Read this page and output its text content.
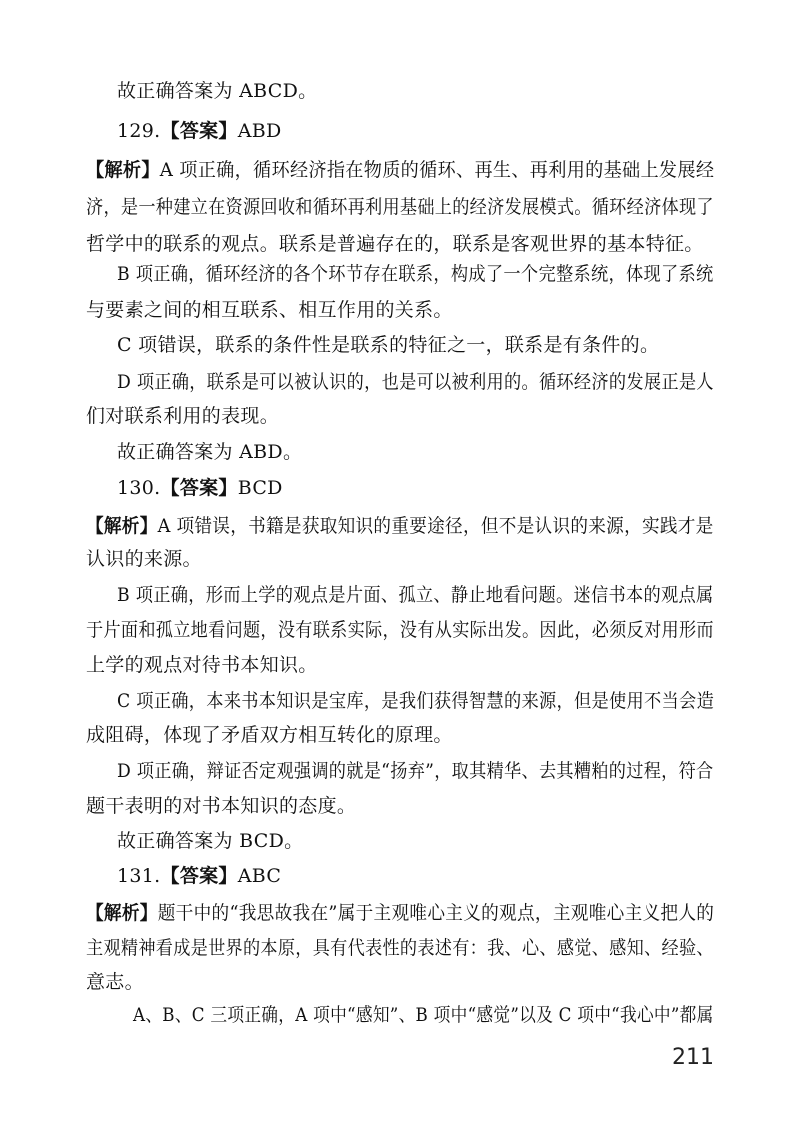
故正确答案为 ABCD。
129.【答案】ABD
【解析】A 项正确，循环经济指在物质的循环、再生、再利用的基础上发展经
济，是一种建立在资源回收和循环再利用基础上的经济发展模式。循环经济体现了
哲学中的联系的观点。联系是普遍存在的，联系是客观世界的基本特征。
B 项正确，循环经济的各个环节存在联系，构成了一个完整系统，体现了系统
与要素之间的相互联系、相互作用的关系。
C 项错误，联系的条件性是联系的特征之一，联系是有条件的。
D 项正确，联系是可以被认识的，也是可以被利用的。循环经济的发展正是人
们对联系利用的表现。
故正确答案为 ABD。
130.【答案】BCD
【解析】A 项错误，书籍是获取知识的重要途径，但不是认识的来源，实践才是
认识的来源。
B 项正确，形而上学的观点是片面、孤立、静止地看问题。迷信书本的观点属
于片面和孤立地看问题，没有联系实际，没有从实际出发。因此，必须反对用形而
上学的观点对待书本知识。
C 项正确，本来书本知识是宝库，是我们获得智慧的来源，但是使用不当会造
成阻碍，体现了矛盾双方相互转化的原理。
D 项正确，辩证否定观强调的就是“扬弃”，取其精华、去其糟粕的过程，符合
题干表明的对书本知识的态度。
故正确答案为 BCD。
131.【答案】ABC
【解析】题干中的“我思故我在”属于主观唯心主义的观点，主观唯心主义把人的
主观精神看成是世界的本原，具有代表性的表述有：我、心、感觉、感知、经验、
意志。
A、B、C 三项正确，A 项中“感知”、B 项中“感觉”以及 C 项中“我心中”都属
211
